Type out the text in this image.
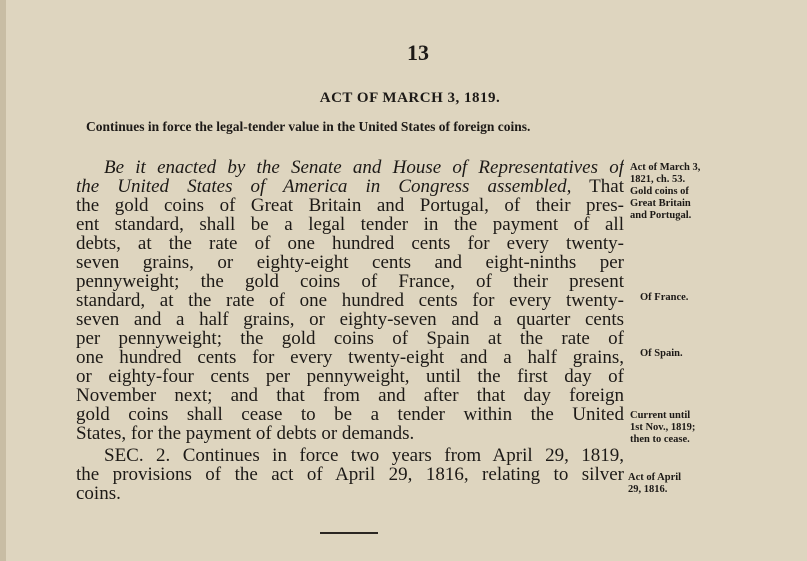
13
ACT OF MARCH 3, 1819.
Continues in force the legal-tender value in the United States of foreign coins.
Be it enacted by the Senate and House of Representatives of
the United States of America in Congress assembled, That
the gold coins of Great Britain and Portugal, of their pres-
ent standard, shall be a legal tender in the payment of all
debts, at the rate of one hundred cents for every twenty-
seven grains, or eighty-eight cents and eight-ninths per
pennyweight; the gold coins of France, of their present
standard, at the rate of one hundred cents for every twenty-
seven and a half grains, or eighty-seven and a quarter cents
per pennyweight; the gold coins of Spain at the rate of
one hundred cents for every twenty-eight and a half grains,
or eighty-four cents per pennyweight, until the first day of
November next; and that from and after that day foreign
gold coins shall cease to be a tender within the United
States, for the payment of debts or demands.
SEC. 2. Continues in force two years from April 29, 1819,
the provisions of the act of April 29, 1816, relating to silver
coins.
Act of March 3,
1821, ch. 53.
Gold coins of
Great Britain
and Portugal.
Of France.
Of Spain.
Current until
1st Nov., 1819;
then to cease.
Act of April
29, 1816.
